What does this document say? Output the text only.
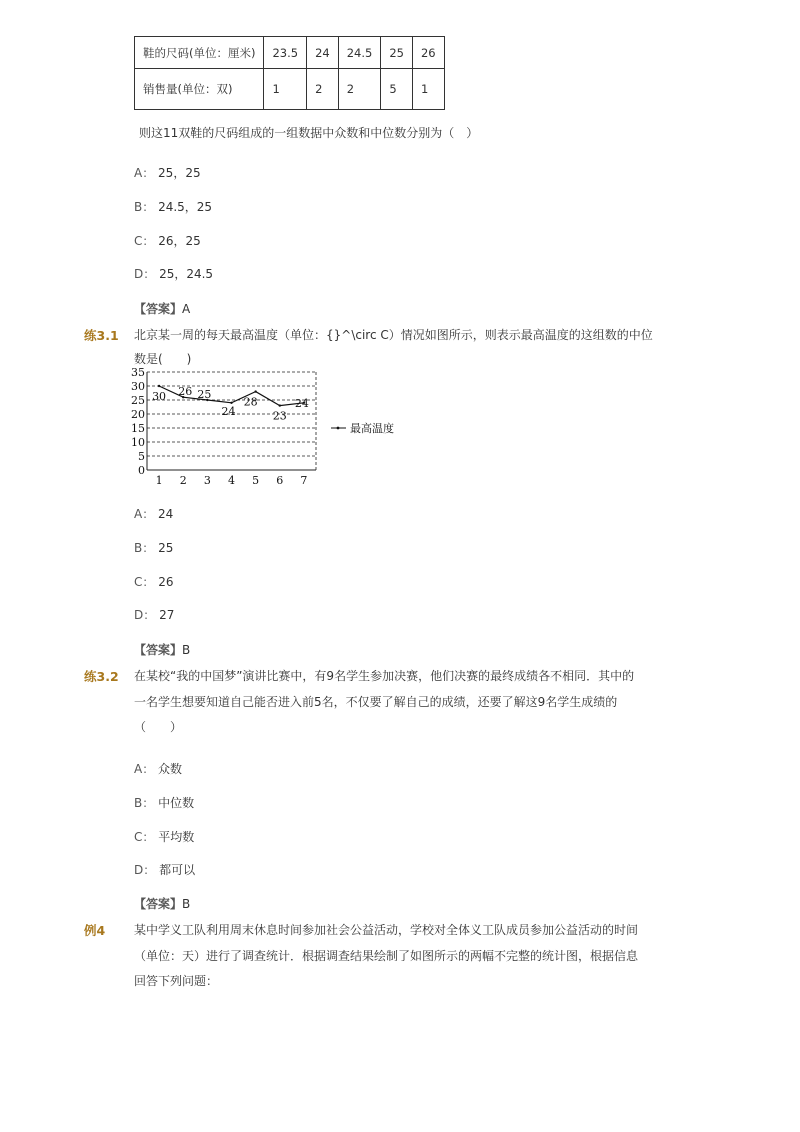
鞋的尺码(单位：厘米)	23.5	24	24.5	25	26
销售量(单位：双)	1	2	2	5	1
则这11双鞋的尺码组成的一组数据中众数和中位数分别为（　）
A： 25，25
B： 24.5，25
C： 26，25
D： 25，24.5
【答案】A
练3.1 北京某一周的每天最高温度（单位：{}^\circ C）情况如图所示，则表示最高温度的这组数的中位
数是(　　)
0
5
10
15
20
25
30
35
1 2 3 4 5 6 7
30 26 25
24
28
23
24
最高温度
A： 24
B： 25
C： 26
D： 27
【答案】B
练3.2 在某校“我的中国梦”演讲比赛中，有9名学生参加决赛，他们决赛的最终成绩各不相同．其中的
一名学生想要知道自己能否进入前5名，不仅要了解自己的成绩，还要了解这9名学生成绩的
（　　）
A： 众数
B： 中位数
C： 平均数
D： 都可以
【答案】B
例4 某中学义工队利用周末休息时间参加社会公益活动，学校对全体义工队成员参加公益活动的时间
（单位：天）进行了调查统计．根据调查结果绘制了如图所示的两幅不完整的统计图，根据信息
回答下列问题：
